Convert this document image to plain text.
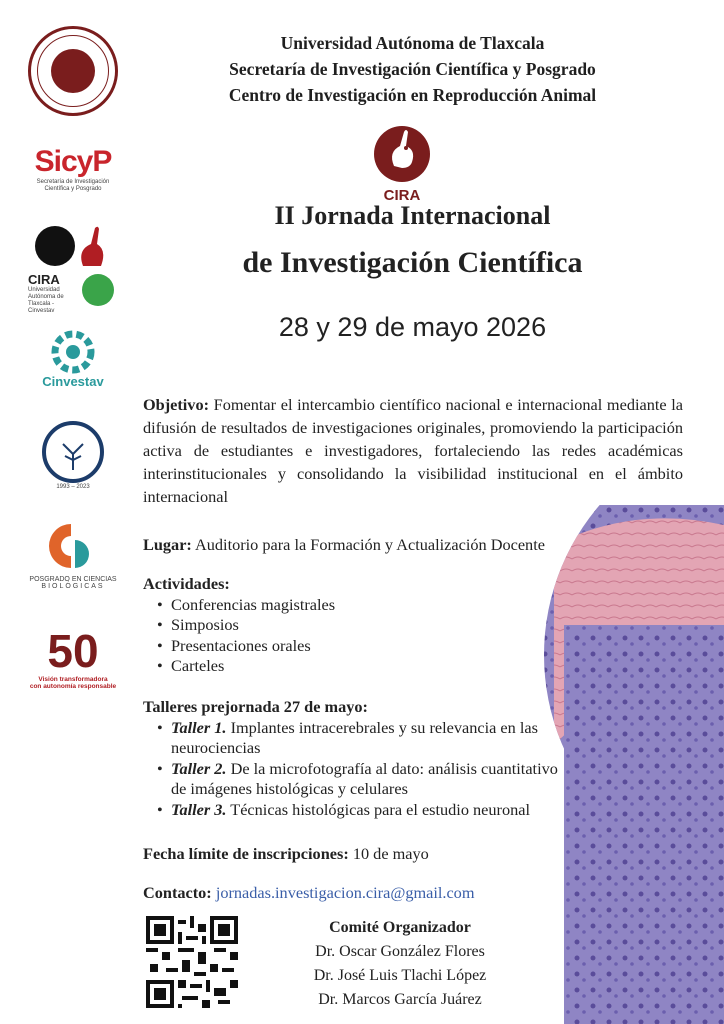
Universidad Autónoma de Tlaxcala
Secretaría de Investigación Científica y Posgrado
Centro de Investigación en Reproducción Animal
CIRA
SicyP
Secretaría de Investigación Científica y Posgrado
CIRA
Universidad Autónoma de Tlaxcala - Cinvestav
Cinvestav
1993 – 2023
POSGRADO EN CIENCIAS
BIOLÓGICAS
50
Visión transformadora
con autonomía responsable
II Jornada Internacional
de Investigación Científica
28 y 29 de mayo 2026
Objetivo: Fomentar el intercambio científico nacional e internacional mediante la difusión de resultados de investigaciones originales, promoviendo la participación activa de estudiantes e investigadores, fortaleciendo las redes académicas interinstitucionales y consolidando la visibilidad institucional en el ámbito internacional
Lugar: Auditorio para la Formación y Actualización Docente
Actividades:
• Conferencias magistrales
• Simposios
• Presentaciones orales
• Carteles
Talleres prejornada 27 de mayo:
• Taller 1. Implantes intracerebrales y su relevancia en las neurociencias
• Taller 2. De la microfotografía al dato: análisis cuantitativo de imágenes histológicas y celulares
• Taller 3. Técnicas histológicas para el estudio neuronal
Fecha límite de inscripciones: 10 de mayo
Contacto: jornadas.investigacion.cira@gmail.com
Comité Organizador
Dr. Oscar González Flores
Dr. José Luis Tlachi López
Dr. Marcos García Juárez
